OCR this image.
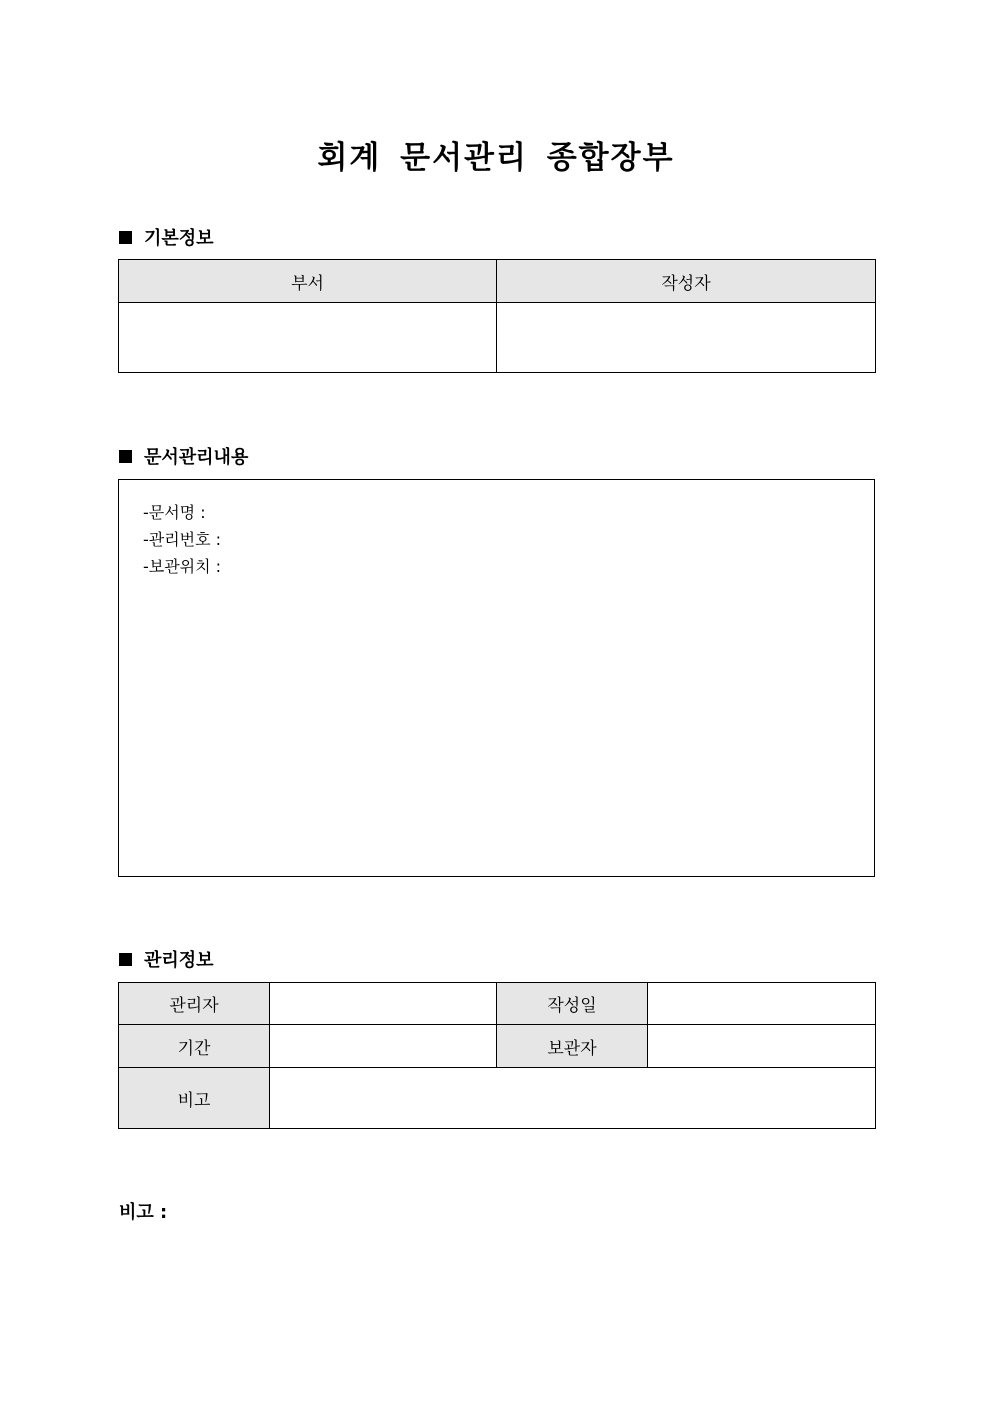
회계 문서관리 종합장부
기본정보
부서	작성자

문서관리내용
-문서명 :
-관리번호 :
-보관위치 :
관리정보
관리자		작성일	
기간		보관자	
비고			
비고 :
